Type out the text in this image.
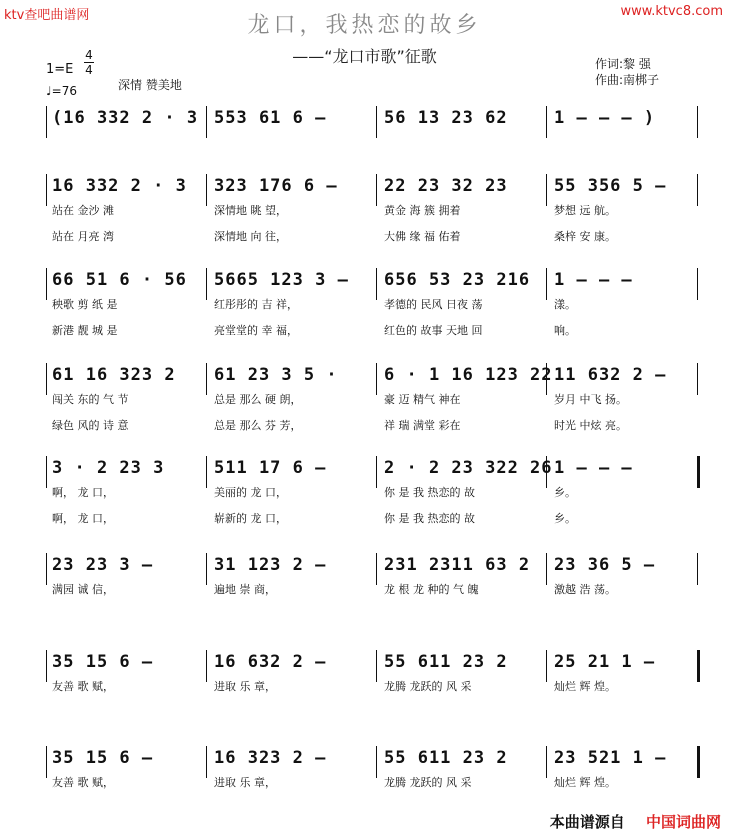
ktv查吧曲谱网	www.ktvc8.com
龙口，我热恋的故乡
——“龙口市歌”征歌
1=E
4
4
♩=76	深情 赞美地
作词:黎 强
作曲:南梆子
(16 332 2 · 3 553 61 6 –	56 13 23 62	1 – – – )
16 332 2 · 3 323 176 6 –	22 23 32 23	55 356 5 –
站在 金沙 滩	深情地 眺 望，	黄金 海 簇 拥着	梦想 远 航。
站在 月亮 湾	深情地 向 往，	大佛 缘 福 佑着	桑梓 安 康。
66 51 6 · 56 5665 123 3 – 656 53 23 216 1 – – –
秧歌 剪 纸 是	红彤彤的 吉 祥，	孝德的 民风 日夜 荡	漾。
新港 靓 城 是	亮堂堂的 幸 福，	红色的 故事 天地 回	响。
61 16 323 2 61 23 3 5 ·	6 · 1 16 123 22 11 632 2 –
闯关 东的 气 节	总是 那么 硬 朗，	豪 迈 精气 神在	岁月 中飞 扬。
绿色 风的 诗 意	总是 那么 芬 芳，	祥 瑞 满堂 彩在	时光 中炫 亮。
3 · 2 23 3	511 17 6 –	2 · 2 23 322 26 1 – – –
啊， 龙 口，	美丽的 龙 口，	你 是 我 热恋的 故	乡。
啊， 龙 口，	崭新的 龙 口，	你 是 我 热恋的 故	乡。
23 23 3 –	31 123 2 –	231 2311 63 2 23 36 5 –
满园 诚 信，	遍地 崇 商，	龙 根 龙 种的 气 魄	激越 浩 荡。
35 15 6 –	16 632 2 –	55 611 23 2	25 21 1 –
友善 歌 赋，	进取 乐 章，	龙腾 龙跃的 风 采	灿烂 辉 煌。
35 15 6 –	16 323 2 –	55 611 23 2	23 521 1 –
友善 歌 赋，	进取 乐 章，	龙腾 龙跃的 风 采	灿烂 辉 煌。
本曲谱源自 中国词曲网
